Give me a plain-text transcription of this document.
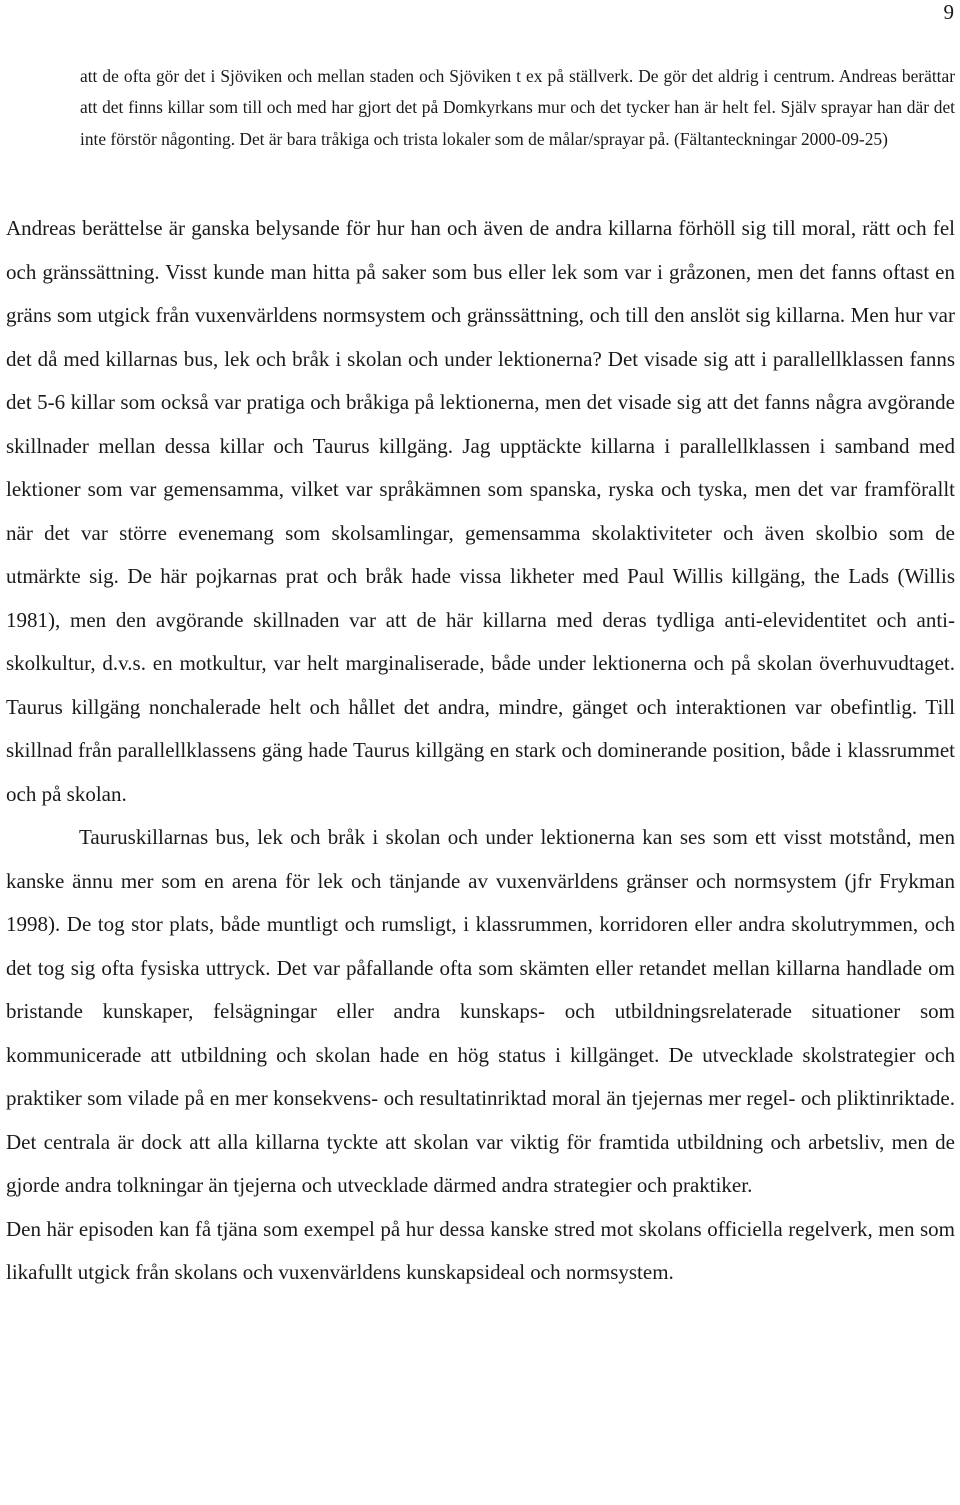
9
att de ofta gör det i Sjöviken och mellan staden och Sjöviken t ex på ställverk. De gör det aldrig i centrum. Andreas berättar att det finns killar som till och med har gjort det på Domkyrkans mur och det tycker han är helt fel. Själv sprayar han där det inte förstör någonting. Det är bara tråkiga och trista lokaler som de målar/sprayar på. (Fältanteckningar 2000-09-25)

Andreas berättelse är ganska belysande för hur han och även de andra killarna förhöll sig till moral, rätt och fel och gränssättning. Visst kunde man hitta på saker som bus eller lek som var i gråzonen, men det fanns oftast en gräns som utgick från vuxenvärldens normsystem och gränssättning, och till den anslöt sig killarna. Men hur var det då med killarnas bus, lek och bråk i skolan och under lektionerna? Det visade sig att i parallellklassen fanns det 5-6 killar som också var pratiga och bråkiga på lektionerna, men det visade sig att det fanns några avgörande skillnader mellan dessa killar och Taurus killgäng. Jag upptäckte killarna i parallellklassen i samband med lektioner som var gemensamma, vilket var språkämnen som spanska, ryska och tyska, men det var framförallt när det var större evenemang som skolsamlingar, gemensamma skolaktiviteter och även skolbio som de utmärkte sig. De här pojkarnas prat och bråk hade vissa likheter med Paul Willis killgäng, the Lads (Willis 1981), men den avgörande skillnaden var att de här killarna med deras tydliga anti-elevidentitet och anti-skolkultur, d.v.s. en motkultur, var helt marginaliserade, både under lektionerna och på skolan överhuvudtaget. Taurus killgäng nonchalerade helt och hållet det andra, mindre, gänget och interaktionen var obefintlig. Till skillnad från parallellklassens gäng hade Taurus killgäng en stark och dominerande position, både i klassrummet och på skolan.

Tauruskillarnas bus, lek och bråk i skolan och under lektionerna kan ses som ett visst motstånd, men kanske ännu mer som en arena för lek och tänjande av vuxenvärldens gränser och normsystem (jfr Frykman 1998). De tog stor plats, både muntligt och rumsligt, i klassrummen, korridoren eller andra skolutrymmen, och det tog sig ofta fysiska uttryck. Det var påfallande ofta som skämten eller retandet mellan killarna handlade om bristande kunskaper, felsägningar eller andra kunskaps- och utbildningsrelaterade situationer som kommunicerade att utbildning och skolan hade en hög status i killgänget. De utvecklade skolstrategier och praktiker som vilade på en mer konsekvens- och resultatinriktad moral än tjejernas mer regel- och pliktinriktade. Det centrala är dock att alla killarna tyckte att skolan var viktig för framtida utbildning och arbetsliv, men de gjorde andra tolkningar än tjejerna och utvecklade därmed andra strategier och praktiker.

Den här episoden kan få tjäna som exempel på hur dessa kanske stred mot skolans officiella regelverk, men som likafullt utgick från skolans och vuxenvärldens kunskapsideal och normsystem.
